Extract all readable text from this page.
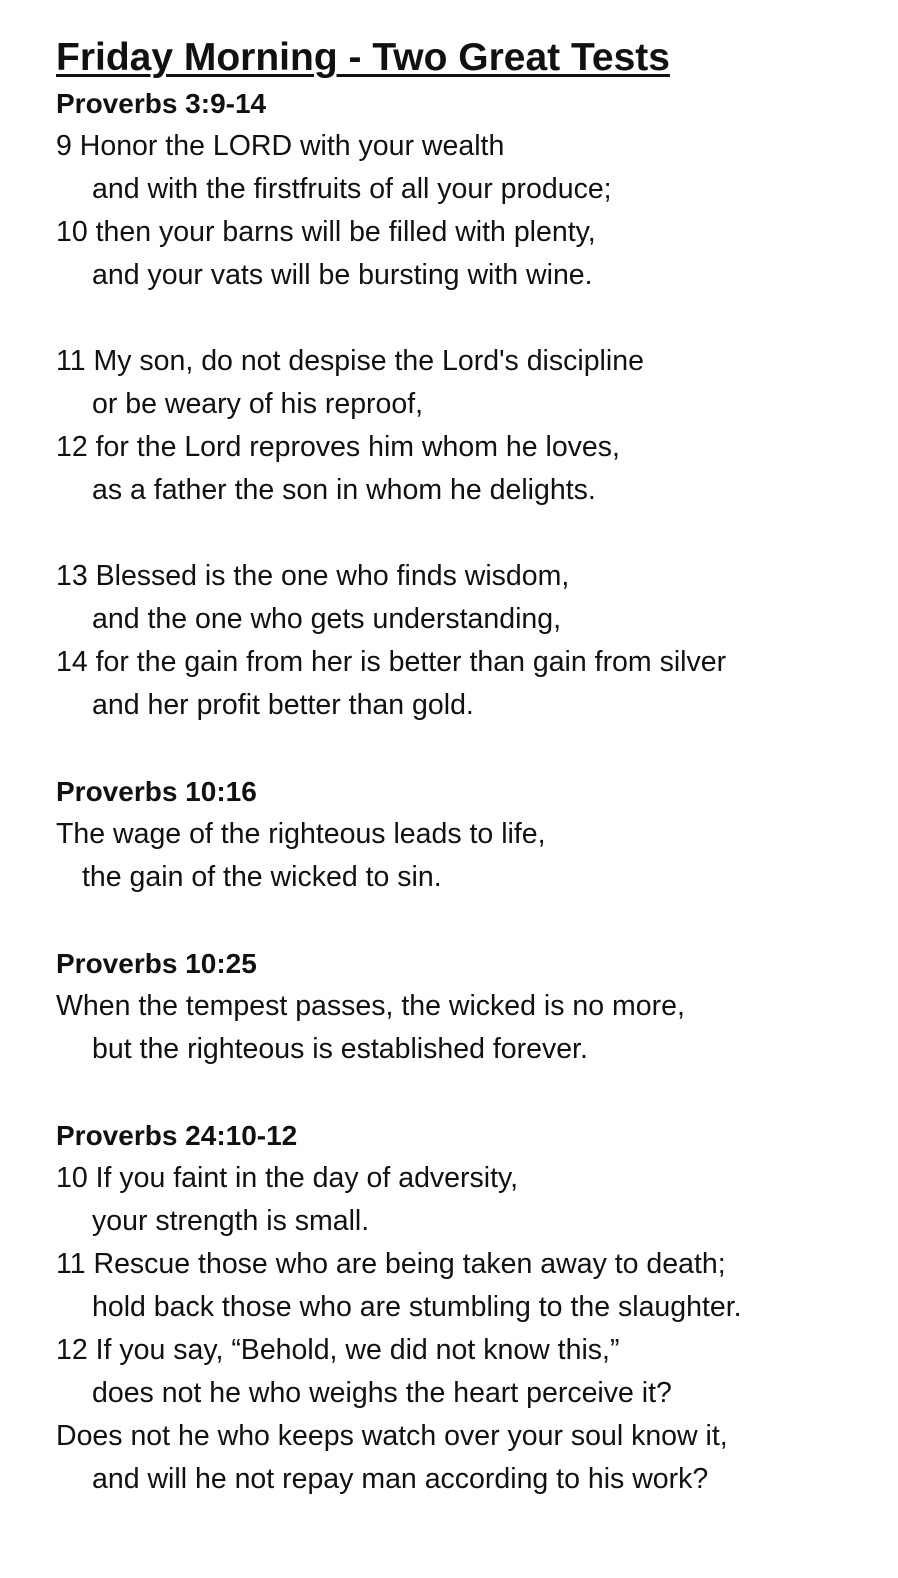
Friday Morning - Two Great Tests

Proverbs 3:9-14

9 Honor the LORD with your wealth

and with the firstfruits of all your produce;

10 then your barns will be filled with plenty,

and your vats will be bursting with wine.

11 My son, do not despise the Lord's discipline

or be weary of his reproof,

12 for the Lord reproves him whom he loves,

as a father the son in whom he delights.

13 Blessed is the one who finds wisdom,

and the one who gets understanding,

14 for the gain from her is better than gain from silver

and her profit better than gold.

Proverbs 10:16

The wage of the righteous leads to life,

the gain of the wicked to sin.

Proverbs 10:25

When the tempest passes, the wicked is no more,

but the righteous is established forever.

Proverbs 24:10-12

10 If you faint in the day of adversity,

your strength is small.

11 Rescue those who are being taken away to death;

hold back those who are stumbling to the slaughter.

12 If you say, “Behold, we did not know this,”

does not he who weighs the heart perceive it?

Does not he who keeps watch over your soul know it,

and will he not repay man according to his work?
